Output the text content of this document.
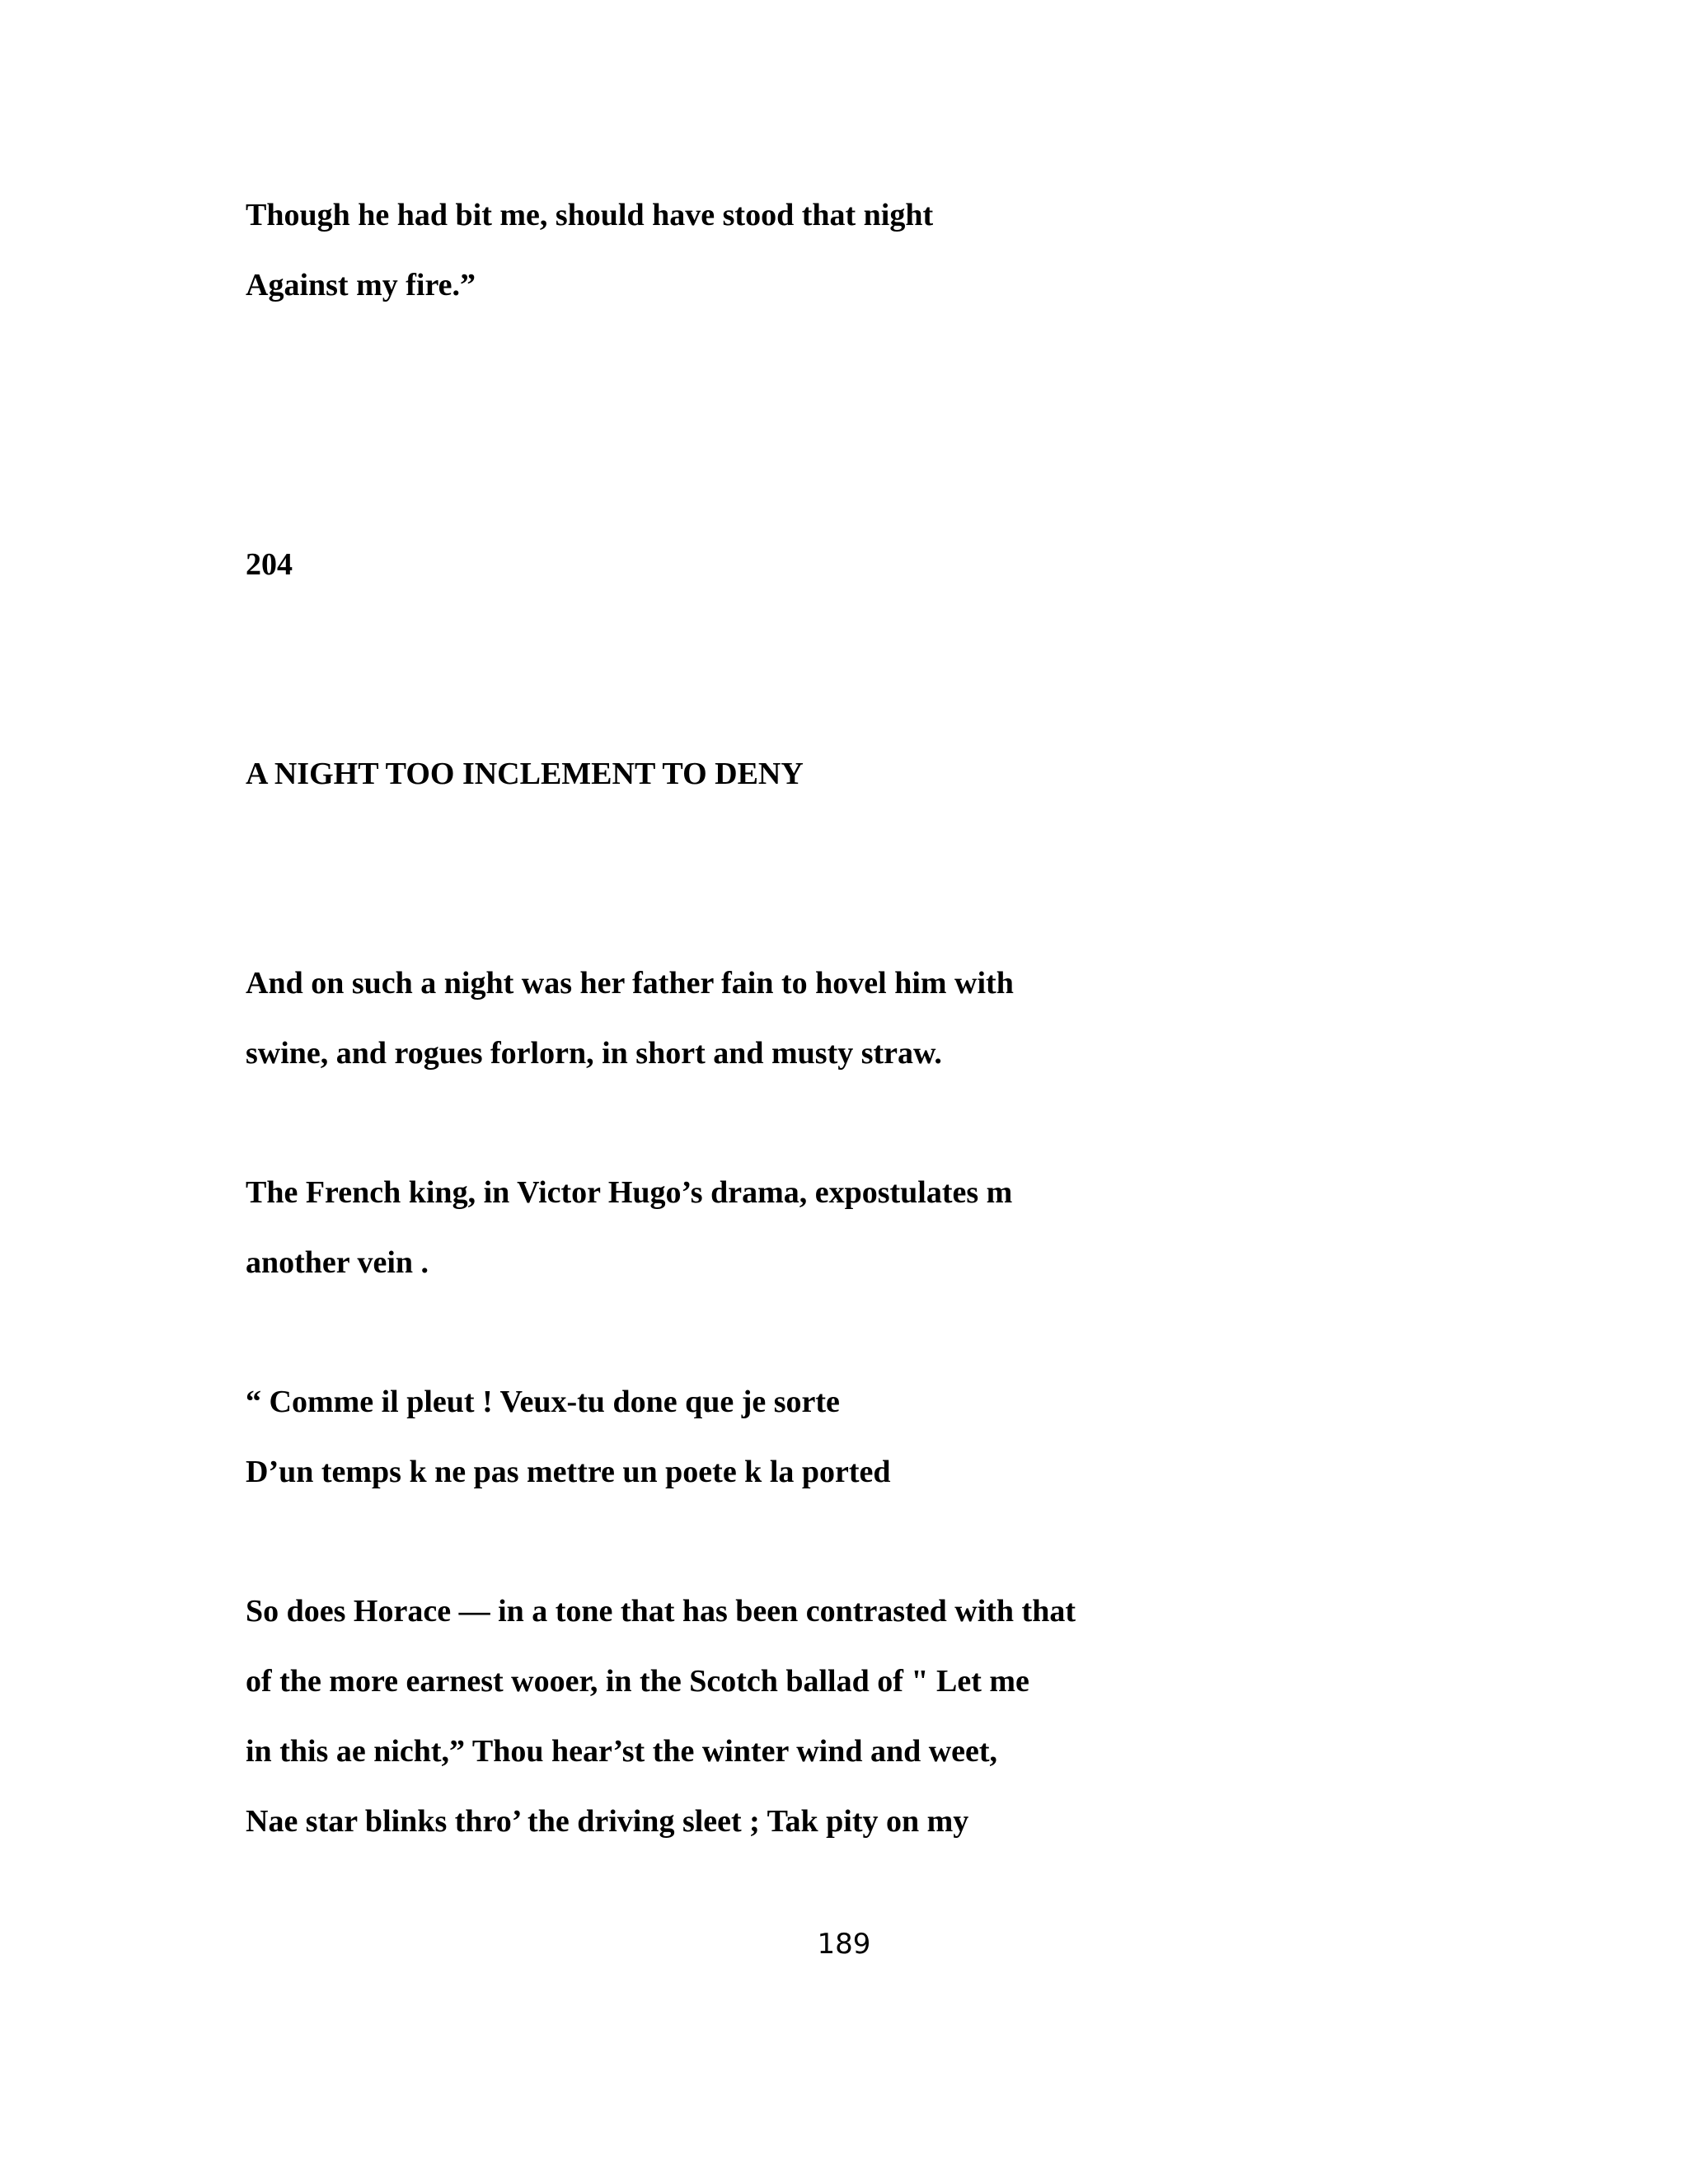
Though he had bit me, should have stood that night

Against my fire.”

204

A NIGHT TOO INCLEMENT TO DENY

And on such a night was her father fain to hovel him with

swine, and rogues forlorn, in short and musty straw.

The French king, in Victor Hugo’s drama, expostulates m

another vein .

“ Comme il pleut ! Veux-tu done que je sorte

D’un temps k ne pas mettre un poete k la ported

So does Horace — in a tone that has been contrasted with that

of the more earnest wooer, in the Scotch ballad of " Let me

in this ae nicht,” Thou hear’st the winter wind and weet,

Nae star blinks thro’ the driving sleet ; Tak pity on my

189
